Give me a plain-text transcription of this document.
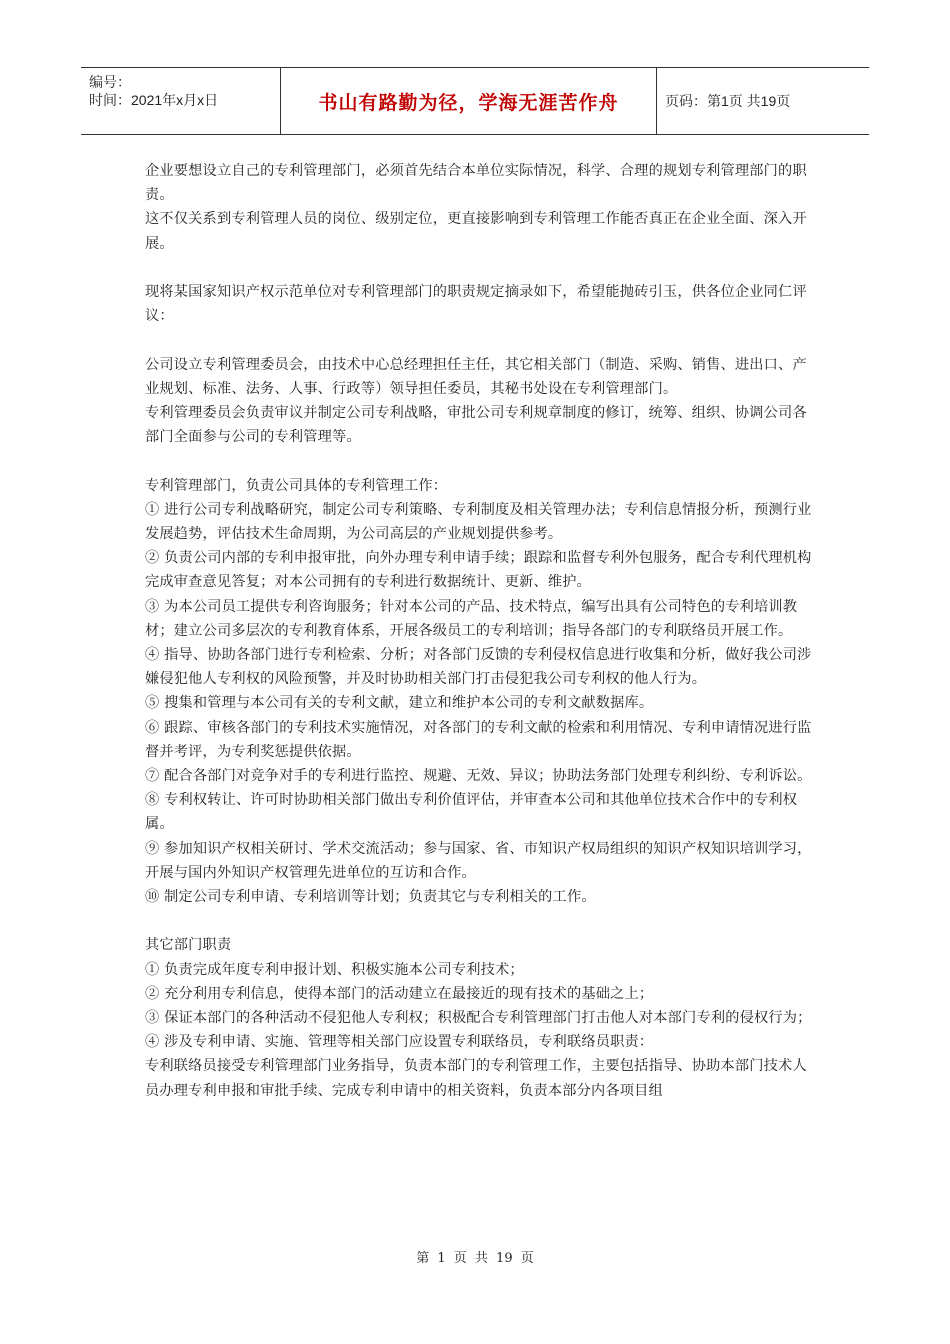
编号：
时间：2021年x月x日	书山有路勤为径，学海无涯苦作舟	页码：第1页 共19页

企业要想设立自己的专利管理部门，必须首先结合本单位实际情况，科学、合理的规划专利管理部门的职责。

这不仅关系到专利管理人员的岗位、级别定位，更直接影响到专利管理工作能否真正在企业全面、深入开展。

现将某国家知识产权示范单位对专利管理部门的职责规定摘录如下，希望能抛砖引玉，供各位企业同仁评议：

公司设立专利管理委员会，由技术中心总经理担任主任，其它相关部门（制造、采购、销售、进出口、产业规划、标准、法务、人事、行政等）领导担任委员，其秘书处设在专利管理部门。

专利管理委员会负责审议并制定公司专利战略，审批公司专利规章制度的修订，统筹、组织、协调公司各部门全面参与公司的专利管理等。

专利管理部门，负责公司具体的专利管理工作：

① 进行公司专利战略研究，制定公司专利策略、专利制度及相关管理办法；专利信息情报分析，预测行业发展趋势，评估技术生命周期，为公司高层的产业规划提供参考。

② 负责公司内部的专利申报审批，向外办理专利申请手续；跟踪和监督专利外包服务，配合专利代理机构完成审查意见答复；对本公司拥有的专利进行数据统计、更新、维护。

③ 为本公司员工提供专利咨询服务；针对本公司的产品、技术特点，编写出具有公司特色的专利培训教材；建立公司多层次的专利教育体系，开展各级员工的专利培训；指导各部门的专利联络员开展工作。

④ 指导、协助各部门进行专利检索、分析；对各部门反馈的专利侵权信息进行收集和分析，做好我公司涉嫌侵犯他人专利权的风险预警，并及时协助相关部门打击侵犯我公司专利权的他人行为。

⑤ 搜集和管理与本公司有关的专利文献，建立和维护本公司的专利文献数据库。

⑥ 跟踪、审核各部门的专利技术实施情况，对各部门的专利文献的检索和利用情况、专利申请情况进行监督并考评，为专利奖惩提供依据。

⑦ 配合各部门对竞争对手的专利进行监控、规避、无效、异议；协助法务部门处理专利纠纷、专利诉讼。

⑧ 专利权转让、许可时协助相关部门做出专利价值评估，并审查本公司和其他单位技术合作中的专利权属。

⑨ 参加知识产权相关研讨、学术交流活动；参与国家、省、市知识产权局组织的知识产权知识培训学习，开展与国内外知识产权管理先进单位的互访和合作。

⑩ 制定公司专利申请、专利培训等计划；负责其它与专利相关的工作。

其它部门职责

① 负责完成年度专利申报计划、积极实施本公司专利技术；

② 充分利用专利信息，使得本部门的活动建立在最接近的现有技术的基础之上；

③ 保证本部门的各种活动不侵犯他人专利权；积极配合专利管理部门打击他人对本部门专利的侵权行为；

④ 涉及专利申请、实施、管理等相关部门应设置专利联络员，专利联络员职责：

专利联络员接受专利管理部门业务指导，负责本部门的专利管理工作，主要包括指导、协助本部门技术人员办理专利申报和审批手续、完成专利申请中的相关资料，负责本部分内各项目组

第 1 页 共 19 页
